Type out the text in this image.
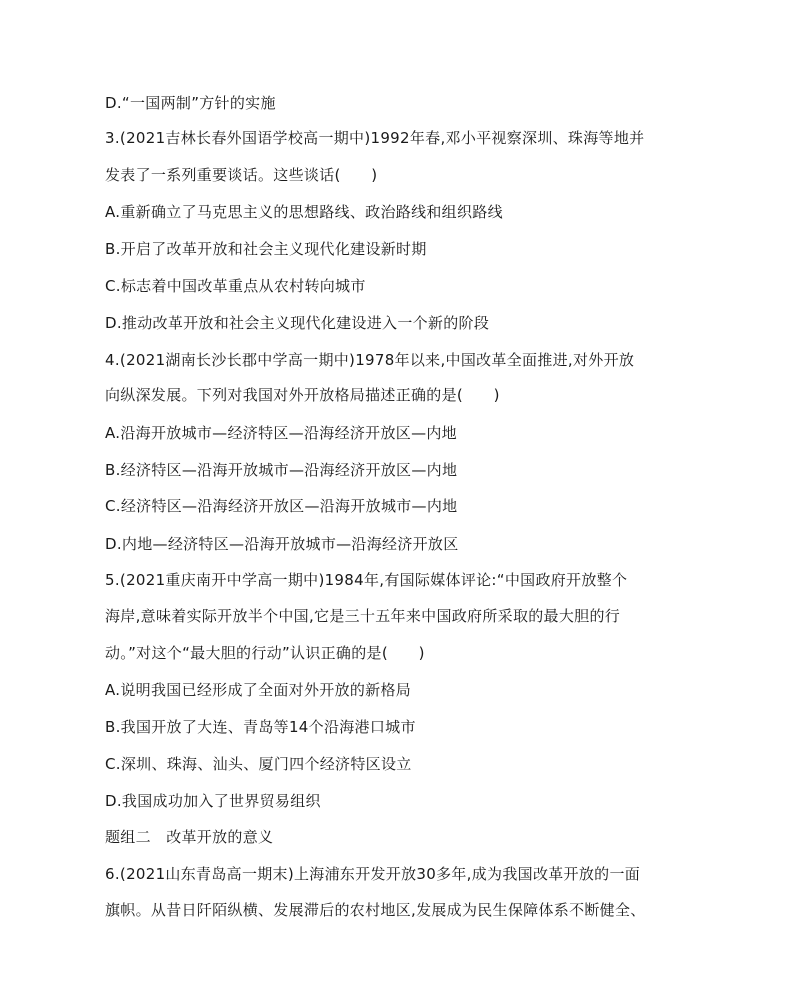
D.“一国两制”方针的实施
3.(2021吉林长春外国语学校高一期中)1992年春,邓小平视察深圳、珠海等地并
发表了一系列重要谈话。这些谈话(　　)
A.重新确立了马克思主义的思想路线、政治路线和组织路线
B.开启了改革开放和社会主义现代化建设新时期
C.标志着中国改革重点从农村转向城市
D.推动改革开放和社会主义现代化建设进入一个新的阶段
4.(2021湖南长沙长郡中学高一期中)1978年以来,中国改革全面推进,对外开放
向纵深发展。下列对我国对外开放格局描述正确的是(　　)
A.沿海开放城市—经济特区—沿海经济开放区—内地
B.经济特区—沿海开放城市—沿海经济开放区—内地
C.经济特区—沿海经济开放区—沿海开放城市—内地
D.内地—经济特区—沿海开放城市—沿海经济开放区
5.(2021重庆南开中学高一期中)1984年,有国际媒体评论:“中国政府开放整个
海岸,意味着实际开放半个中国,它是三十五年来中国政府所采取的最大胆的行
动。”对这个“最大胆的行动”认识正确的是(　　)
A.说明我国已经形成了全面对外开放的新格局
B.我国开放了大连、青岛等14个沿海港口城市
C.深圳、珠海、汕头、厦门四个经济特区设立
D.我国成功加入了世界贸易组织
题组二　改革开放的意义
6.(2021山东青岛高一期末)上海浦东开发开放30多年,成为我国改革开放的一面
旗帜。从昔日阡陌纵横、发展滞后的农村地区,发展成为民生保障体系不断健全、
